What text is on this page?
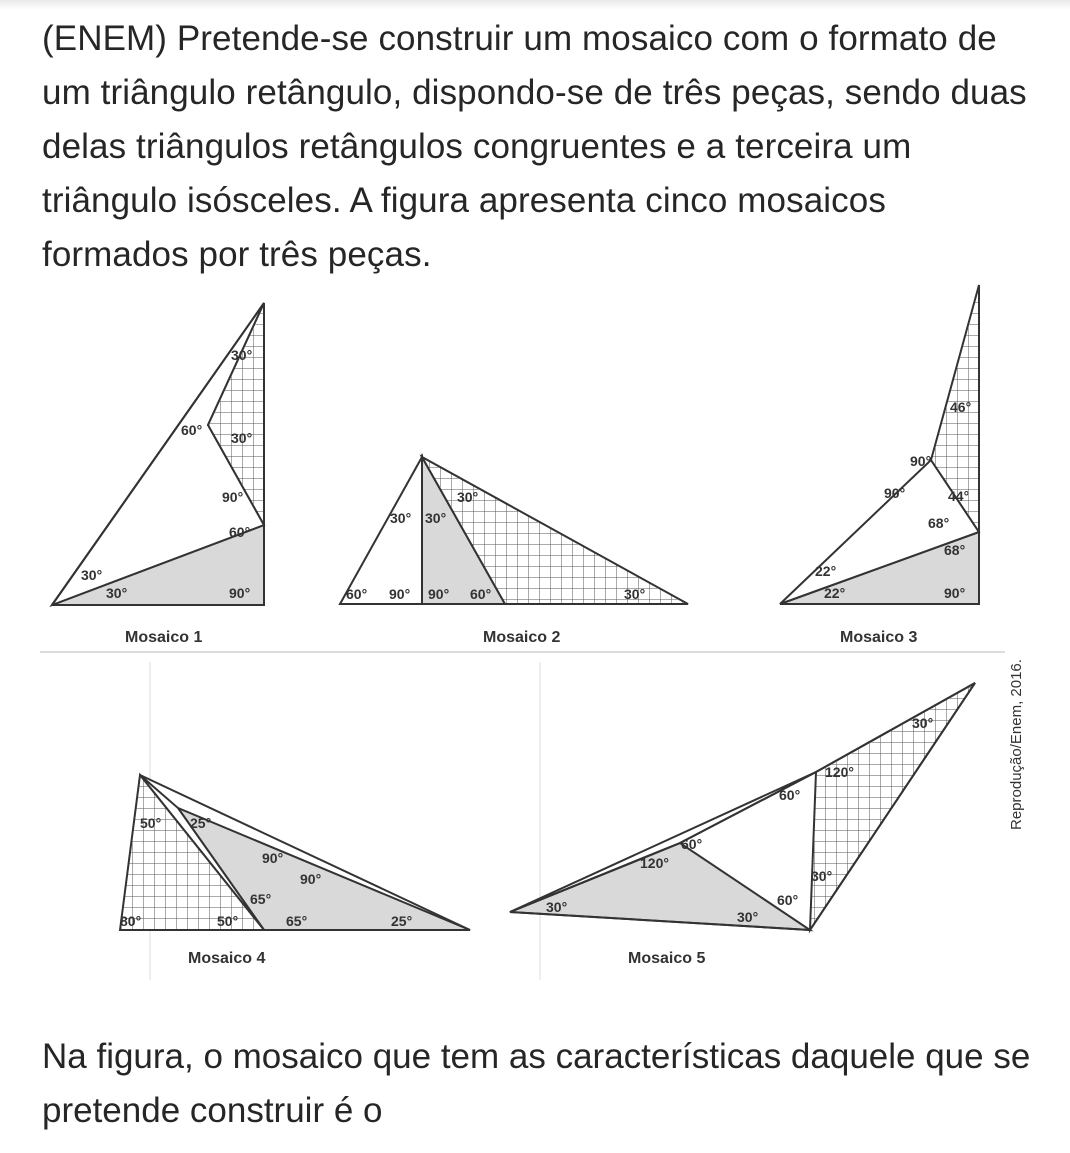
(ENEM) Pretende-se construir um mosaico com o formato de um triângulo retângulo, dispondo-se de três peças, sendo duas delas triângulos retângulos congruentes e a terceira um triângulo isósceles. A figura apresenta cinco mosaicos formados por três peças.

30°
60° 30°
90°
60°
30°
30°	90°
Mosaico 1
30°
30° 30°
60° 90° 90° 60°	30°
Mosaico 2
46°
90°
90°	44°
68°
68°
22°
22°	90°
Mosaico 3
Reprodução/Enem, 2016.
50° 25°
90°
90°
65°
80°	50°	65°	25°
Mosaico 4
30°
120°
60°
60°
120°
30°
30°	60°
30°
Mosaico 5

Na figura, o mosaico que tem as características daquele que se pretende construir é o
